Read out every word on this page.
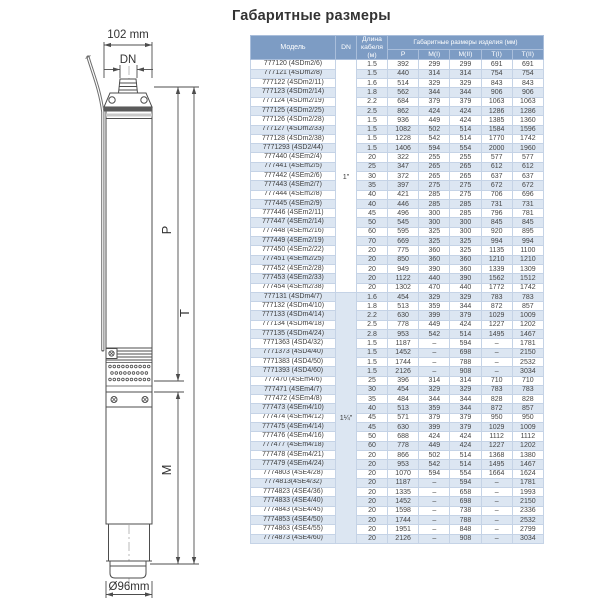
Габаритные размеры
102 mm
DN
P
M
T
Ø96mm
Модель	DN	Длина кабеля (м)	Габаритные размеры изделия (мм)				
			P	M(I)	M(II)	T(I)	T(II)
777120 (4SDm2/6)	1"	1.5	392	299	299	691	691
777121 (4SDm2/8)		1.5	440	314	314	754	754
777122 (4SDm2/11)		1.6	514	329	329	843	843
777123 (4SDm2/14)		1.8	562	344	344	906	906
777124 (4SDm2/19)		2.2	684	379	379	1063	1063
777125 (4SDm2/25)		2.5	862	424	424	1286	1286
777126 (4SDm2/28)		1.5	936	449	424	1385	1360
777127 (4SDm2/33)		1.5	1082	502	514	1584	1596
777128 (4SDm2/38)		1.5	1228	542	514	1770	1742
7771293 (4SD2/44)		1.5	1406	594	554	2000	1960
777440 (4SEm2/4)		20	322	255	255	577	577
777441 (4SEm2/5)		25	347	265	265	612	612
777442 (4SEm2/6)		30	372	265	265	637	637
777443 (4SEm2/7)		35	397	275	275	672	672
777444 (4SEm2/8)		40	421	285	275	706	696
777445 (4SEm2/9)		40	446	285	285	731	731
777446 (4SEm2/11)		45	496	300	285	796	781
777447 (4SEm2/14)		50	545	300	300	845	845
777448 (4SEm2/16)		60	595	325	300	920	895
777449 (4SEm2/19)		70	669	325	325	994	994
777450 (4SEm2/22)		20	775	360	325	1135	1100
777451 (4SEm2/25)		20	850	360	360	1210	1210
777452 (4SEm2/28)		20	949	390	360	1339	1309
777453 (4SEm2/33)		20	1122	440	390	1562	1512
777454 (4SEm2/38)		20	1302	470	440	1772	1742
777131 (4SDm4/7)	1¼"	1.6	454	329	329	783	783
777132 (4SDm4/10)		1.8	513	359	344	872	857
777133 (4SDm4/14)		2.2	630	399	379	1029	1009
777134 (4SDm4/18)		2.5	778	449	424	1227	1202
777135 (4SDm4/24)		2.8	953	542	514	1495	1467
7771363 (4SD4/32)		1.5	1187	–	594	–	1781
7771373 (4SD4/40)		1.5	1452	–	698	–	2150
7771383 (4SD4/50)		1.5	1744	–	788	–	2532
7771393 (4SD4/60)		1.5	2126	–	908	–	3034
777470 (4SEm4/6)		25	396	314	314	710	710
777471 (4SEm4/7)		30	454	329	329	783	783
777472 (4SEm4/8)		35	484	344	344	828	828
777473 (4SEm4/10)		40	513	359	344	872	857
777474 (4SEm4/12)		45	571	379	379	950	950
777475 (4SEm4/14)		45	630	399	379	1029	1009
777476 (4SEm4/16)		50	688	424	424	1112	1112
777477 (4SEm4/18)		60	778	449	424	1227	1202
777478 (4SEm4/21)		20	866	502	514	1368	1380
777479 (4SEm4/24)		20	953	542	514	1495	1467
7774803 (4SE4/28)		20	1070	594	554	1664	1624
7774813(4SE4/32)		20	1187	–	594	–	1781
7774823 (4SE4/36)		20	1335	–	658	–	1993
7774833 (4SE4/40)		20	1452	–	698	–	2150
7774843 (4SE4/45)		20	1598	–	738	–	2336
7774853 (4SE4/50)		20	1744	–	788	–	2532
7774863 (4SE4/55)		20	1951	–	848	–	2799
7774873 (4SE4/60)		20	2126	–	908	–	3034
